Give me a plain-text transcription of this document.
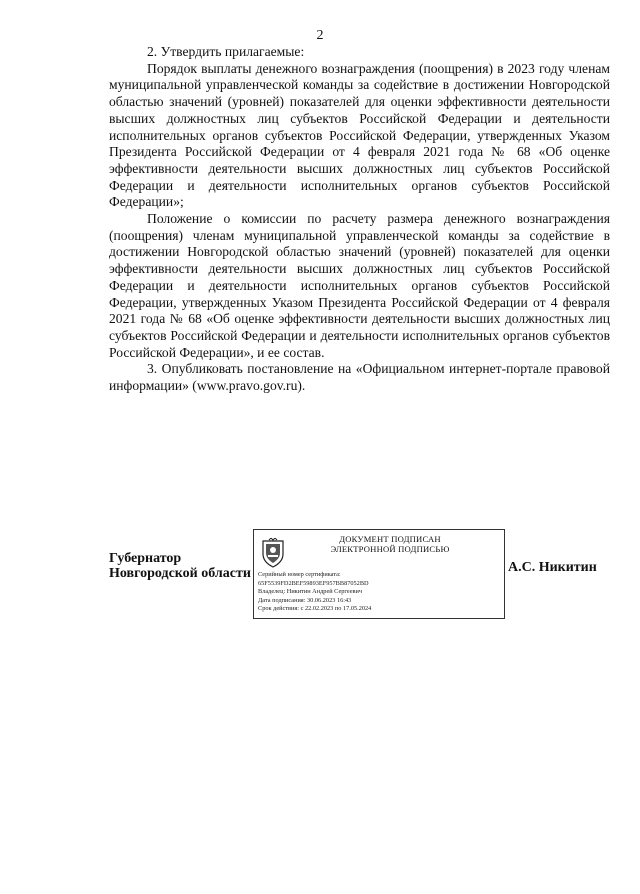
2

2. Утвердить прилагаемые:

Порядок выплаты денежного вознаграждения (поощрения) в 2023 году членам муниципальной управленческой команды за содействие в достижении Новгородской областью значений (уровней) показателей для оценки эффективности деятельности высших должностных лиц субъектов Российской Федерации и деятельности исполнительных органов субъектов Российской Федерации, утвержденных Указом Президента Российской Федерации от 4 февраля 2021 года № 68 «Об оценке эффективности деятельности высших должностных лиц субъектов Российской Федерации и деятельности исполнительных органов субъектов Российской Федерации»;

Положение о комиссии по расчету размера денежного вознаграждения (поощрения) членам муниципальной управленческой команды за содействие в достижении Новгородской областью значений (уровней) показателей для оценки эффективности деятельности высших должностных лиц субъектов Российской Федерации и деятельности исполнительных органов субъектов Российской Федерации, утвержденных Указом Президента Российской Федерации от 4 февраля 2021 года № 68 «Об оценке эффективности деятельности высших должностных лиц субъектов Российской Федерации и деятельности исполнительных органов субъектов Российской Федерации», и ее состав.

3. Опубликовать постановление на «Официальном интернет-портале правовой информации» (www.pravo.gov.ru).

Губернатор
Новгородской области
ДОКУМЕНТ ПОДПИСАН
ЭЛЕКТРОННОЙ ПОДПИСЬЮ
Серийный номер сертификата:
65F5539FD2BEF59893EF957BB87052BD
Владелец: Никитин Андрей Сергеевич
Дата подписания: 30.06.2023 16:43
Срок действия: с 22.02.2023 по 17.05.2024
А.С. Никитин
